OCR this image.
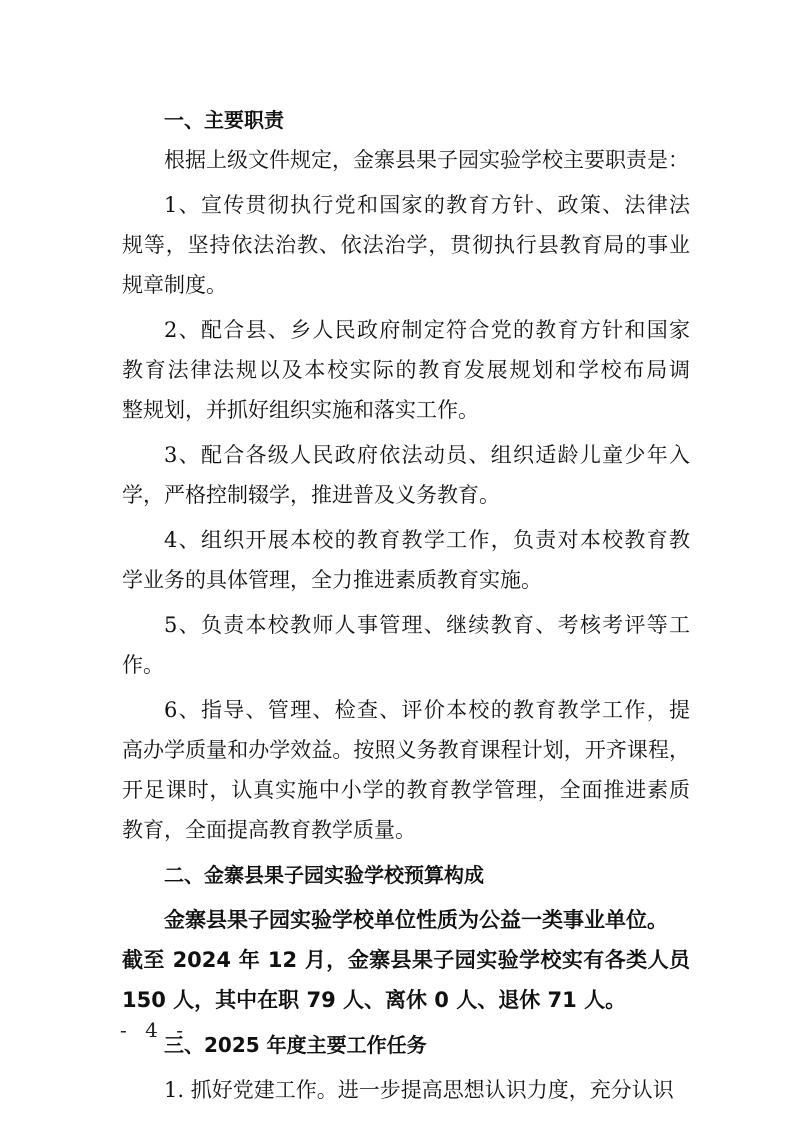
一、主要职责
根据上级文件规定，金寨县果子园实验学校主要职责是：
1、宣传贯彻执行党和国家的教育方针、政策、法律法
规等，坚持依法治教、依法治学，贯彻执行县教育局的事业
规章制度。
2、配合县、乡人民政府制定符合党的教育方针和国家
教育法律法规以及本校实际的教育发展规划和学校布局调
整规划，并抓好组织实施和落实工作。
3、配合各级人民政府依法动员、组织适龄儿童少年入
学，严格控制辍学，推进普及义务教育。
4、组织开展本校的教育教学工作，负责对本校教育教
学业务的具体管理，全力推进素质教育实施。
5、负责本校教师人事管理、继续教育、考核考评等工
作。
6、指导、管理、检查、评价本校的教育教学工作，提
高办学质量和办学效益。按照义务教育课程计划，开齐课程，
开足课时，认真实施中小学的教育教学管理，全面推进素质
教育，全面提高教育教学质量。
二、金寨县果子园实验学校预算构成
金寨县果子园实验学校单位性质为公益一类事业单位。
截至 2024 年 12 月，金寨县果子园实验学校实有各类人员
150 人，其中在职 79 人、离休 0 人、退休 71 人。
三、2025 年度主要工作任务
1. 抓好党建工作。进一步提高思想认识力度，充分认识
- 4 -
